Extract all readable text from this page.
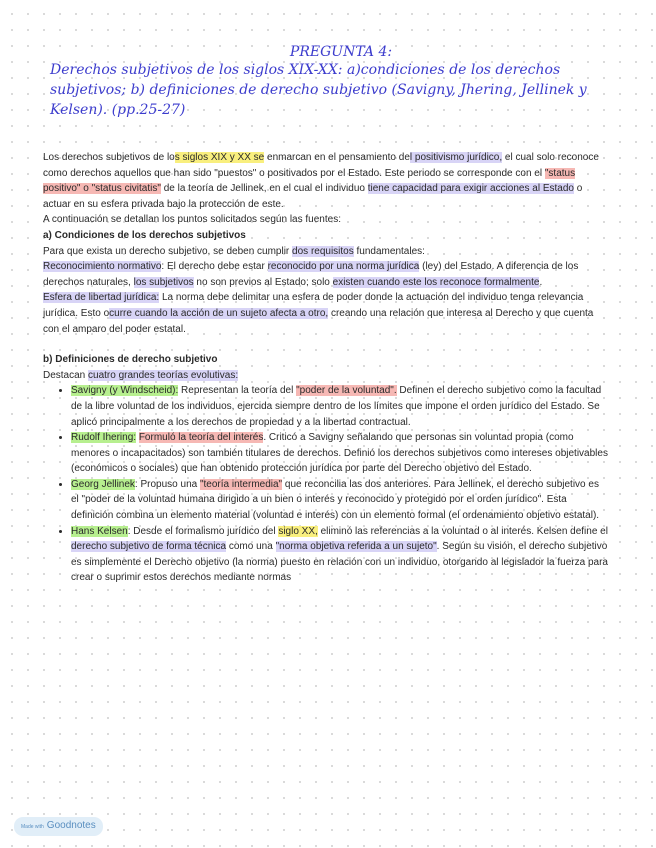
PREGUNTA 4:
Derechos subjetivos de los siglos XIX-XX: a)condiciones de los derechos subjetivos; b) definiciones de derecho subjetivo (Savigny, Jhering, Jellinek y Kelsen). (pp.25-27)

Los derechos subjetivos de los siglos XIX y XX se enmarcan en el pensamiento del positivismo jurídico, el cual solo reconoce como derechos aquellos que han sido "puestos" o positivados por el Estado. Este periodo se corresponde con el "status positivo" o "status civitatis" de la teoría de Jellinek, en el cual el individuo tiene capacidad para exigir acciones al Estado o actuar en su esfera privada bajo la protección de este.

A continuación se detallan los puntos solicitados según las fuentes:

a) Condiciones de los derechos subjetivos

Para que exista un derecho subjetivo, se deben cumplir dos requisitos fundamentales:

Reconocimiento normativo: El derecho debe estar reconocido por una norma jurídica (ley) del Estado. A diferencia de los derechos naturales, los subjetivos no son previos al Estado; solo existen cuando este los reconoce formalmente.

Esfera de libertad jurídica: La norma debe delimitar una esfera de poder donde la actuación del individuo tenga relevancia jurídica. Esto ocurre cuando la acción de un sujeto afecta a otro, creando una relación que interesa al Derecho y que cuenta con el amparo del poder estatal.

b) Definiciones de derecho subjetivo

Destacan cuatro grandes teorías evolutivas:

• Savigny (y Windscheid): Representan la teoría del "poder de la voluntad". Definen el derecho subjetivo como la facultad de la libre voluntad de los individuos, ejercida siempre dentro de los límites que impone el orden jurídico del Estado. Se aplicó principalmente a los derechos de propiedad y a la libertad contractual.
• Rudolf Ihering: Formuló la teoría del interés. Criticó a Savigny señalando que personas sin voluntad propia (como menores o incapacitados) son también titulares de derechos. Definió los derechos subjetivos como intereses objetivables (económicos o sociales) que han obtenido protección jurídica por parte del Derecho objetivo del Estado.
• Georg Jellinek: Propuso una "teoría intermedia" que reconcilia las dos anteriores. Para Jellinek, el derecho subjetivo es el "poder de la voluntad humana dirigido a un bien o interés y reconocido y protegido por el orden jurídico". Esta definición combina un elemento material (voluntad e interés) con un elemento formal (el ordenamiento objetivo estatal).
• Hans Kelsen: Desde el formalismo jurídico del siglo XX, eliminó las referencias a la voluntad o al interés. Kelsen define el derecho subjetivo de forma técnica como una "norma objetiva referida a un sujeto". Según su visión, el derecho subjetivo es simplemente el Derecho objetivo (la norma) puesto en relación con un individuo, otorgando al legislador la fuerza para crear o suprimir estos derechos mediante normas
Made with Goodnotes
